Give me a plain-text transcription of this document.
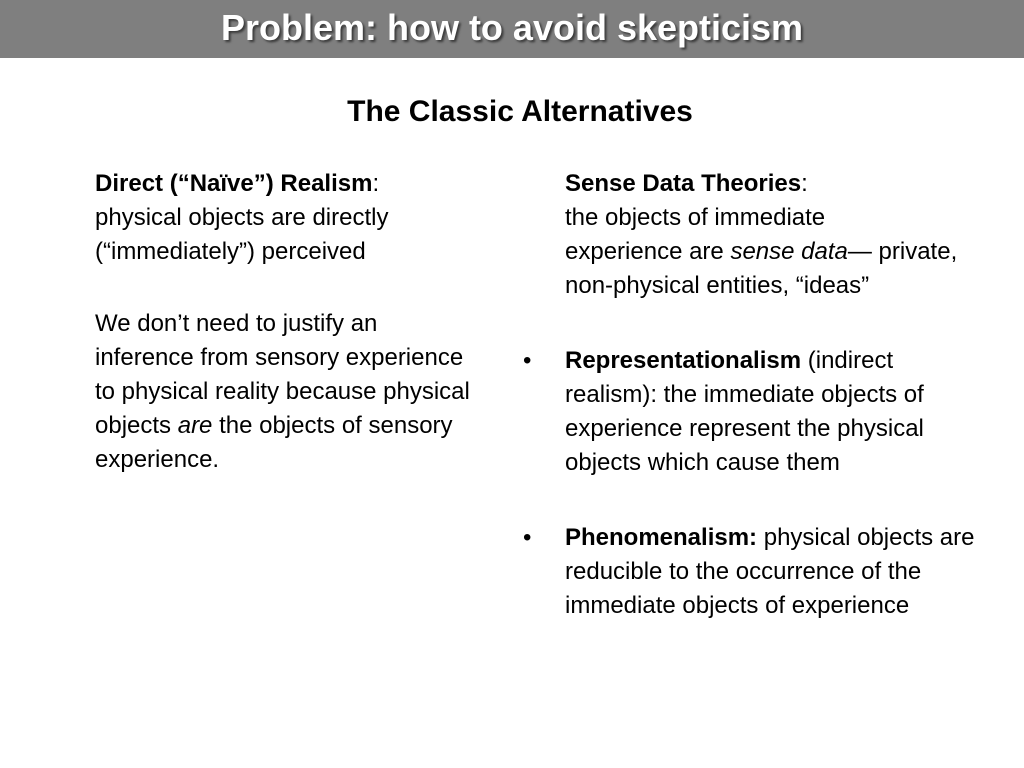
Problem: how to avoid skepticism
The Classic Alternatives

Direct (“Naïve”) Realism:
physical objects are directly
(“immediately”) perceived

We don’t need to justify an inference from sensory experience to physical reality because physical objects are the objects of sensory experience.

Sense Data Theories:
the objects of immediate
experience are sense data— private, non-physical entities, “ideas”

• Representationalism (indirect realism): the immediate objects of experience represent the physical objects which cause them

• Phenomenalism: physical objects are reducible to the occurrence of the immediate objects of experience
